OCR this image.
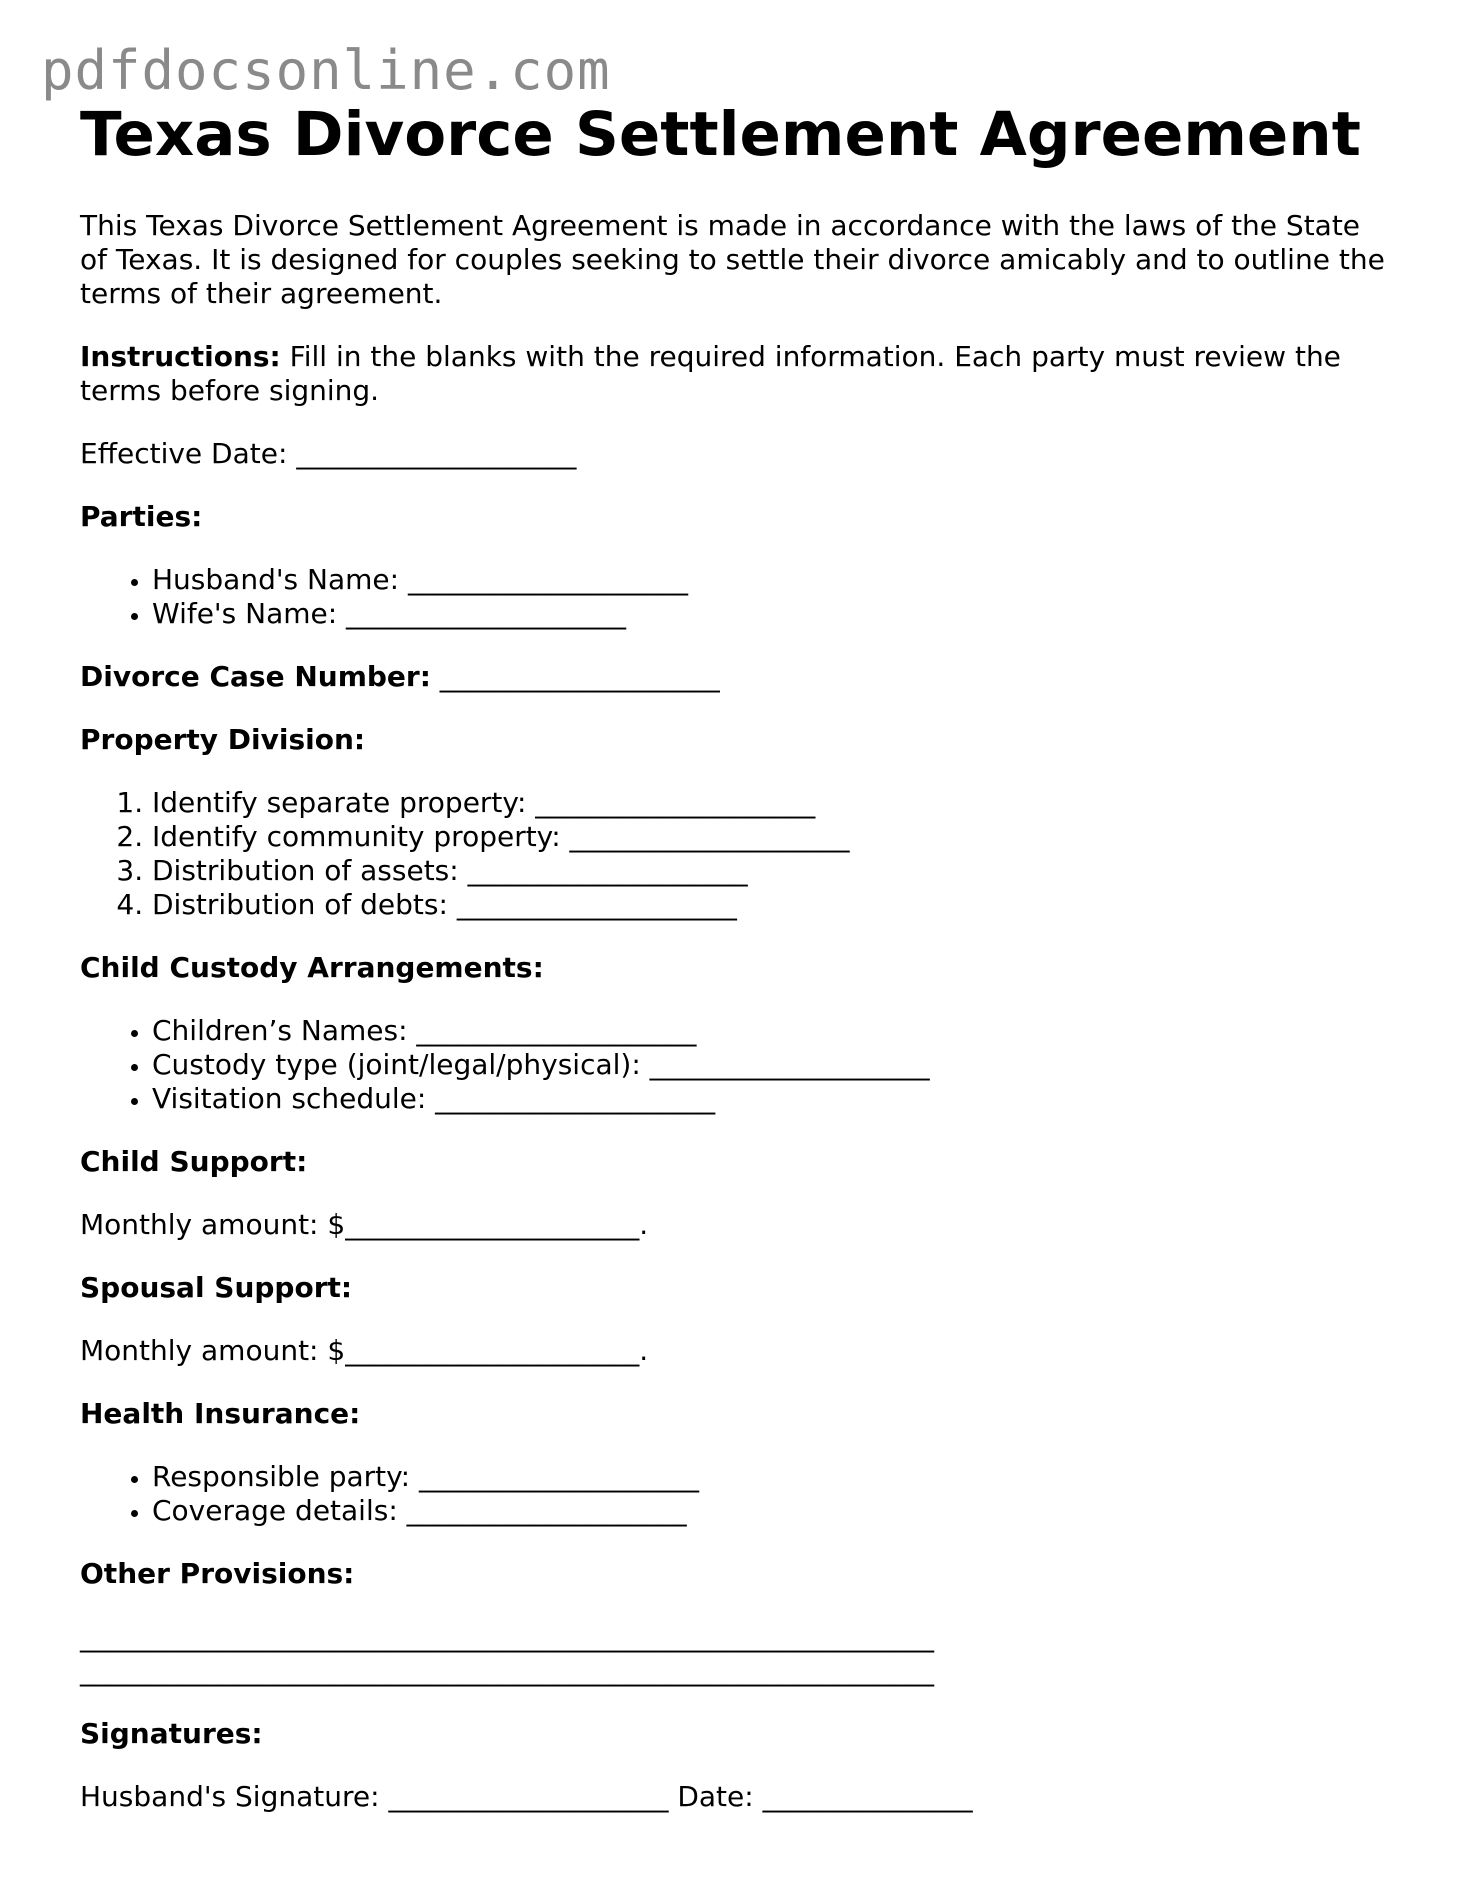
pdfdocsonline.com
Texas Divorce Settlement Agreement

This Texas Divorce Settlement Agreement is made in accordance with the laws of the State of Texas. It is designed for couples seeking to settle their divorce amicably and to outline the terms of their agreement.

Instructions: Fill in the blanks with the required information. Each party must review the terms before signing.

Effective Date: ____________________

Parties:

• Husband's Name: ____________________
• Wife's Name: ____________________

Divorce Case Number: ____________________

Property Division:

1. Identify separate property: ____________________
2. Identify community property: ____________________
3. Distribution of assets: ____________________
4. Distribution of debts: ____________________

Child Custody Arrangements:

• Children’s Names: ____________________
• Custody type (joint/legal/physical): ____________________
• Visitation schedule: ____________________

Child Support:

Monthly amount: $_____________________.

Spousal Support:

Monthly amount: $_____________________.

Health Insurance:

• Responsible party: ____________________
• Coverage details: ____________________

Other Provisions:

_____________________________________________________________

_____________________________________________________________

Signatures:

Husband's Signature: ____________________ Date: _______________
